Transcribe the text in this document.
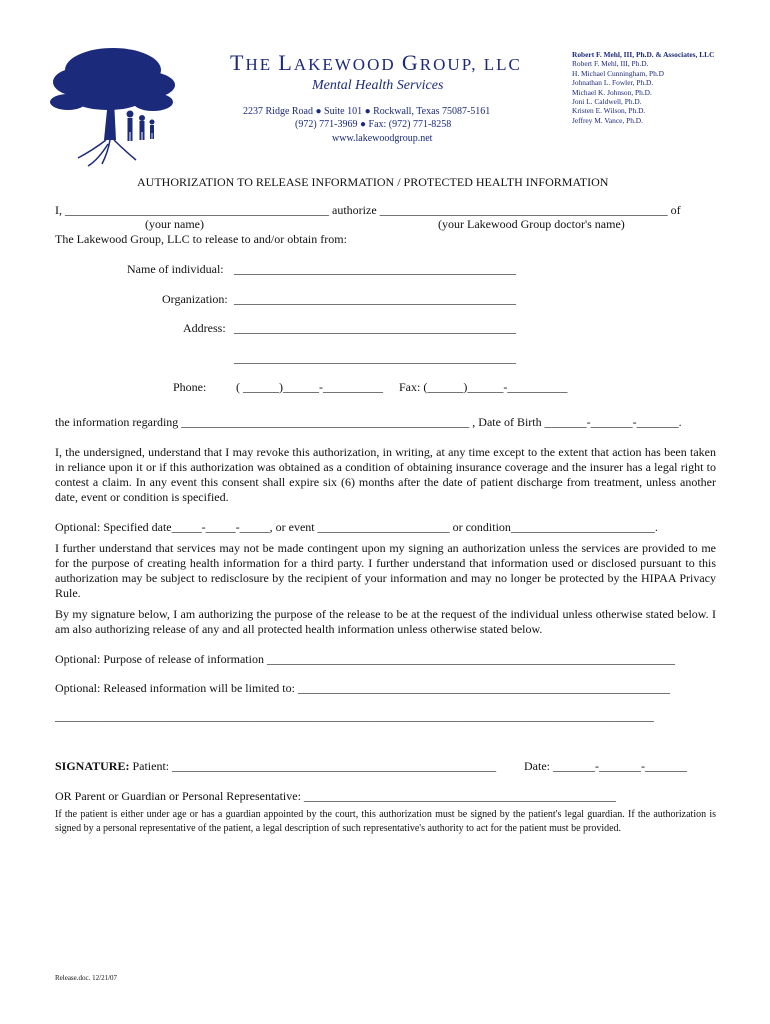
THE LAKEWOOD GROUP, LLC
Mental Health Services
2237 Ridge Road ● Suite 101 ● Rockwall, Texas 75087-5161
(972) 771-3969 ● Fax: (972) 771-8258
www.lakewoodgroup.net
Robert F. Mehl, III, Ph.D. & Associates, LLC
Robert F. Mehl, III, Ph.D.
H. Michael Cunningham, Ph.D
Johnathan L. Fowler, Ph.D.
Michael K. Johnson, Ph.D.
Joni L. Caldwell, Ph.D.
Kristen E. Wilson, Ph.D.
Jeffrey M. Vance, Ph.D.
AUTHORIZATION TO RELEASE INFORMATION / PROTECTED HEALTH INFORMATION
I, ____________________________________________ authorize ________________________________________________ of
(your name)	(your Lakewood Group doctor's name)
The Lakewood Group, LLC to release to and/or obtain from:
Name of individual: _______________________________________________
Organization: _______________________________________________
Address: _______________________________________________
_______________________________________________
Phone: ( ______)______-__________ Fax: (______)______-__________
the information regarding ________________________________________________ , Date of Birth _______-_______-_______.
I, the undersigned, understand that I may revoke this authorization, in writing, at any time except to the extent that action has been taken in reliance upon it or if this authorization was obtained as a condition of obtaining insurance coverage and the insurer has a legal right to contest a claim. In any event this consent shall expire six (6) months after the date of patient discharge from treatment, unless another date, event or condition is specified.
Optional: Specified date_____-_____-_____, or event ______________________ or condition________________________.
I further understand that services may not be made contingent upon my signing an authorization unless the services are provided to me for the purpose of creating health information for a third party. I further understand that information used or disclosed pursuant to this authorization may be subject to redisclosure by the recipient of your information and may no longer be protected by the HIPAA Privacy Rule.
By my signature below, I am authorizing the purpose of the release to be at the request of the individual unless otherwise stated below. I am also authorizing release of any and all protected health information unless otherwise stated below.
Optional: Purpose of release of information ____________________________________________________________________
Optional: Released information will be limited to: ______________________________________________________________
__________________________________________________________________________________________________________
SIGNATURE: Patient: ______________________________________________________ Date: _______-_______-_______
OR Parent or Guardian or Personal Representative: ____________________________________________________
If the patient is either under age or has a guardian appointed by the court, this authorization must be signed by the patient's legal guardian. If the authorization is signed by a personal representative of the patient, a legal description of such representative's authority to act for the patient must be provided.
Release.doc. 12/21/07
